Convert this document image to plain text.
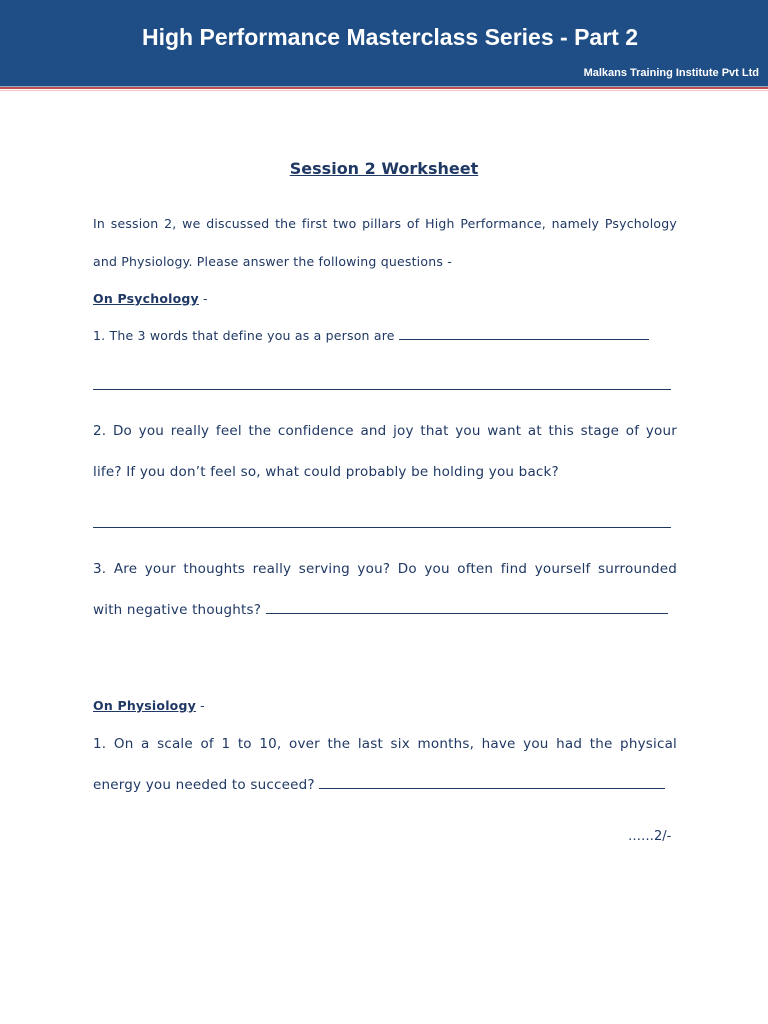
High Performance Masterclass Series - Part 2
Malkans Training Institute Pvt Ltd
Session 2 Worksheet
In session 2, we discussed the first two pillars of High Performance, namely Psychology
and Physiology. Please answer the following questions -
On Psychology -
1. The 3 words that define you as a person are
2. Do you really feel the confidence and joy that you want at this stage of your
life? If you don’t feel so, what could probably be holding you back?
3. Are your thoughts really serving you? Do you often find yourself surrounded
with negative thoughts?
On Physiology -
1. On a scale of 1 to 10, over the last six months, have you had the physical
energy you needed to succeed?
……2/-
